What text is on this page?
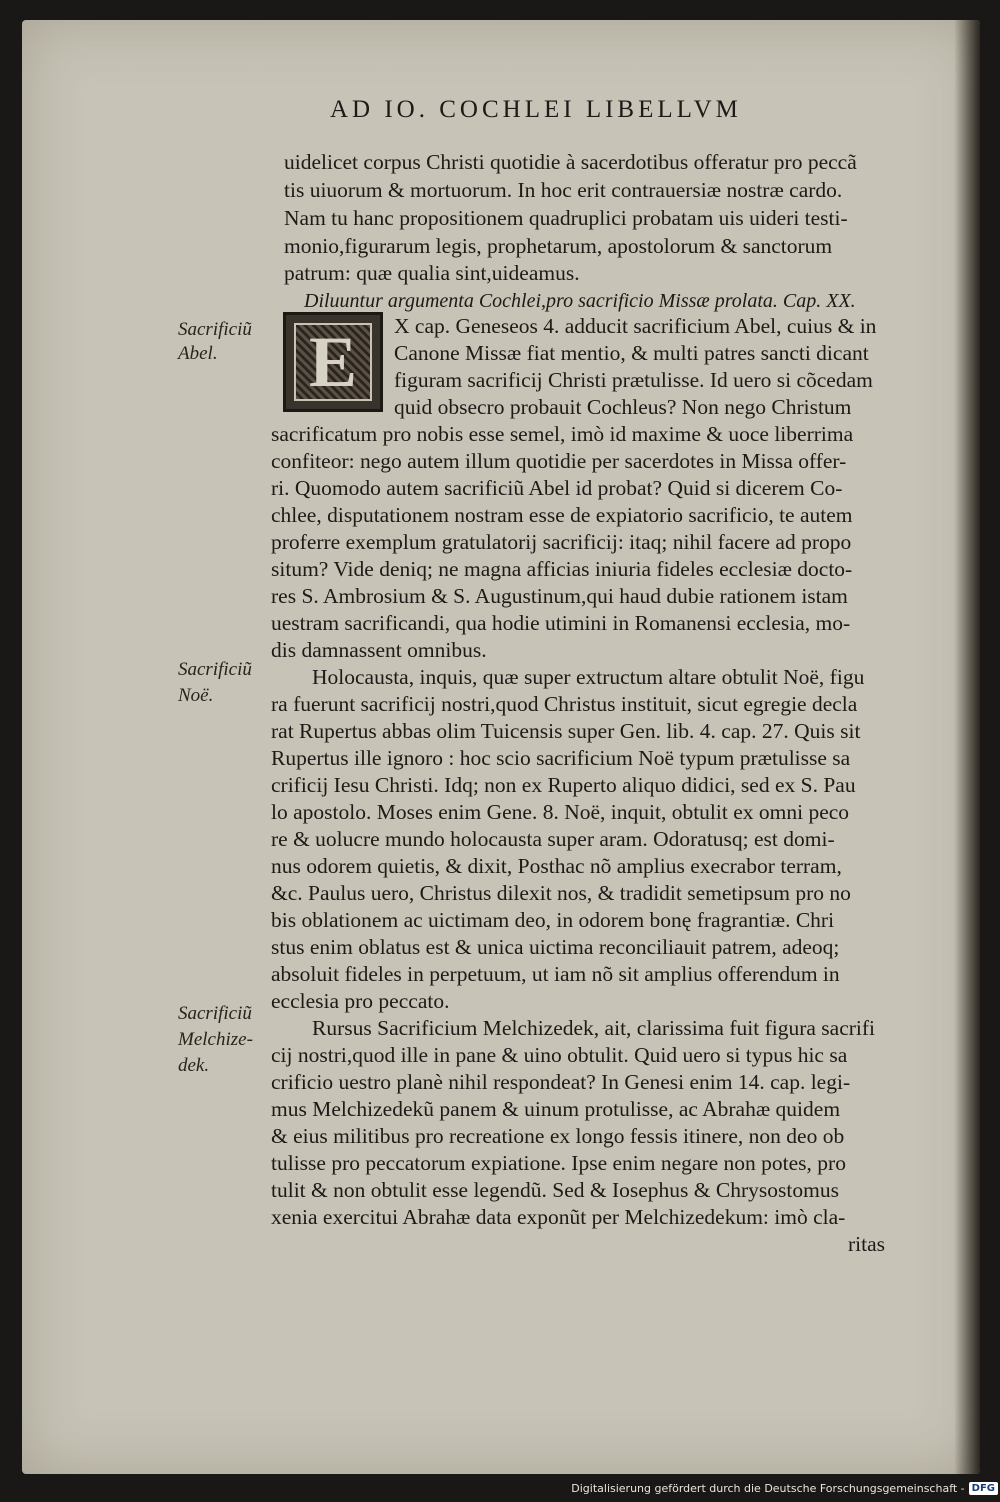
AD IO. COCHLEI LIBELLVM
uidelicet corpus Christi quotidie à sacerdotibus offeratur pro peccã
tis uiuorum & mortuorum. In hoc erit contrauersiæ nostræ cardo.
Nam tu hanc propositionem quadruplici probatam uis uideri testi-
monio,figurarum legis, prophetarum, apostolorum & sanctorum
patrum: quæ qualia sint,uideamus.
Diluuntur argumenta Cochlei,pro sacrificio Missæ prolata. Cap. XX.
E	X cap. Geneseos 4. adducit sacrificium Abel, cuius & in
Canone Missæ fiat mentio, & multi patres sancti dicant
figuram sacrificij Christi prætulisse. Id uero si cõcedam
quid obsecro probauit Cochleus? Non nego Christum
sacrificatum pro nobis esse semel, imò id maxime & uoce liberrima
confiteor: nego autem illum quotidie per sacerdotes in Missa offer-
ri. Quomodo autem sacrificiũ Abel id probat? Quid si dicerem Co-
chlee, disputationem nostram esse de expiatorio sacrificio, te autem
proferre exemplum gratulatorij sacrificij: itaq; nihil facere ad propo
situm? Vide deniq; ne magna afficias iniuria fideles ecclesiæ docto-
res S. Ambrosium & S. Augustinum,qui haud dubie rationem istam
uestram sacrificandi, qua hodie utimini in Romanensi ecclesia, mo-
dis damnassent omnibus.
Holocausta, inquis, quæ super extructum altare obtulit Noë, figu
ra fuerunt sacrificij nostri,quod Christus instituit, sicut egregie decla
rat Rupertus abbas olim Tuicensis super Gen. lib. 4. cap. 27. Quis sit
Rupertus ille ignoro : hoc scio sacrificium Noë typum prætulisse sa
crificij Iesu Christi. Idq; non ex Ruperto aliquo didici, sed ex S. Pau
lo apostolo. Moses enim Gene. 8. Noë, inquit, obtulit ex omni peco
re & uolucre mundo holocausta super aram. Odoratusq; est domi-
nus odorem quietis, & dixit, Posthac nõ amplius execrabor terram,
&c. Paulus uero, Christus dilexit nos, & tradidit semetipsum pro no
bis oblationem ac uictimam deo, in odorem bonę fragrantiæ. Chri
stus enim oblatus est & unica uictima reconciliauit patrem, adeoq;
absoluit fideles in perpetuum, ut iam nõ sit amplius offerendum in
ecclesia pro peccato.
Rursus Sacrificium Melchizedek, ait, clarissima fuit figura sacrifi
cij nostri,quod ille in pane & uino obtulit. Quid uero si typus hic sa
crificio uestro planè nihil respondeat? In Genesi enim 14. cap. legi-
mus Melchizedekũ panem & uinum protulisse, ac Abrahæ quidem
& eius militibus pro recreatione ex longo fessis itinere, non deo ob
tulisse pro peccatorum expiatione. Ipse enim negare non potes, pro
tulit & non obtulit esse legendũ. Sed & Iosephus & Chrysostomus
xenia exercitui Abrahæ data exponũt per Melchizedekum: imò cla-
ritas
Sacrificiũ
Abel.
Sacrificiũ
Noë.
Sacrificiũ
Melchize-
dek.
Digitalisierung gefördert durch die Deutsche Forschungsgemeinschaft - DFG
